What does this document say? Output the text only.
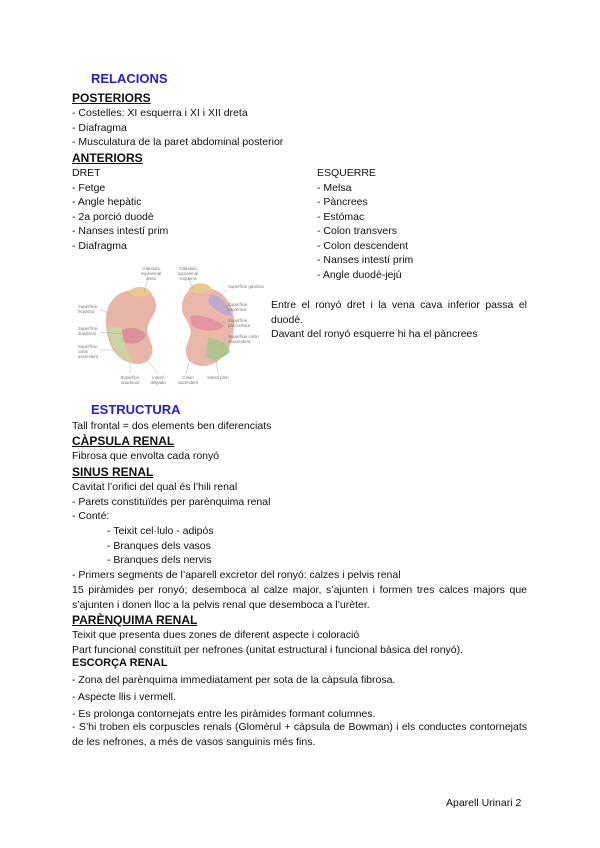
RELACIONS
POSTERIORS
- Costelles: XI esquerra i XI i XII dreta
- Diafragma
- Musculatura de la paret abdominal posterior
ANTERIORS
DRET
- Fetge
- Angle hepàtic
- 2a porció duodè
- Nanses intestí prim
- Diafragma
ESQUERRE
- Melsa
- Pàncrees
- Estómac
- Colon transvers
- Colon descendent
- Nanses intestí prim
- Angle duodè-jejú
Glàndula suprarenal dreta
Glàndula suprarenal esquerra
Superfície gàstrica
Superfície esplènica
Superfície pancreàtica
Superfície colon descendent
Superfície hepàtica
Superfície duodenal
Superfície colon ascendent
Superfície duodenal
Intestí delgado
Colon ascendent
Intestí prim
Entre el ronyó dret i la vena cava inferior passa el duodè.
Davant del ronyó esquerre hi ha el pàncrees
ESTRUCTURA
Tall frontal = dos elements ben diferenciats
CÀPSULA RENAL
Fibrosa que envolta cada ronyó
SINUS RENAL
Cavitat l’orifici del qual és l’hili renal
- Parets constituïdes per parènquima renal
- Conté:
- Teixit cel·lulo - adipós
- Branques dels vasos
- Branques dels nervis
- Primers segments de l’aparell excretor del ronyó: calzes i pelvis renal
15 piràmides per ronyó; desemboca al calze major, s’ajunten i formen tres calces majors que s’ajunten i donen lloc a la pelvis renal que desemboca a l’urèter.
PARÈNQUIMA RENAL
Teixit que presenta dues zones de diferent aspecte i coloració
Part funcional constituït per nefrones (unitat estructural i funcional bàsica del ronyó).
ESCORÇA RENAL
- Zona del parènquima immediatament per sota de la càpsula fibrosa.
- Aspecte llis i vermell.
- Es prolonga contornejats entre les piràmides formant columnes.
- S’hi troben els corpuscles renals (Glomèrul + càpsula de Bowman) i els conductes contornejats de les nefrones, a més de vasos sanguinis més fins.
Aparell Urinari 2
